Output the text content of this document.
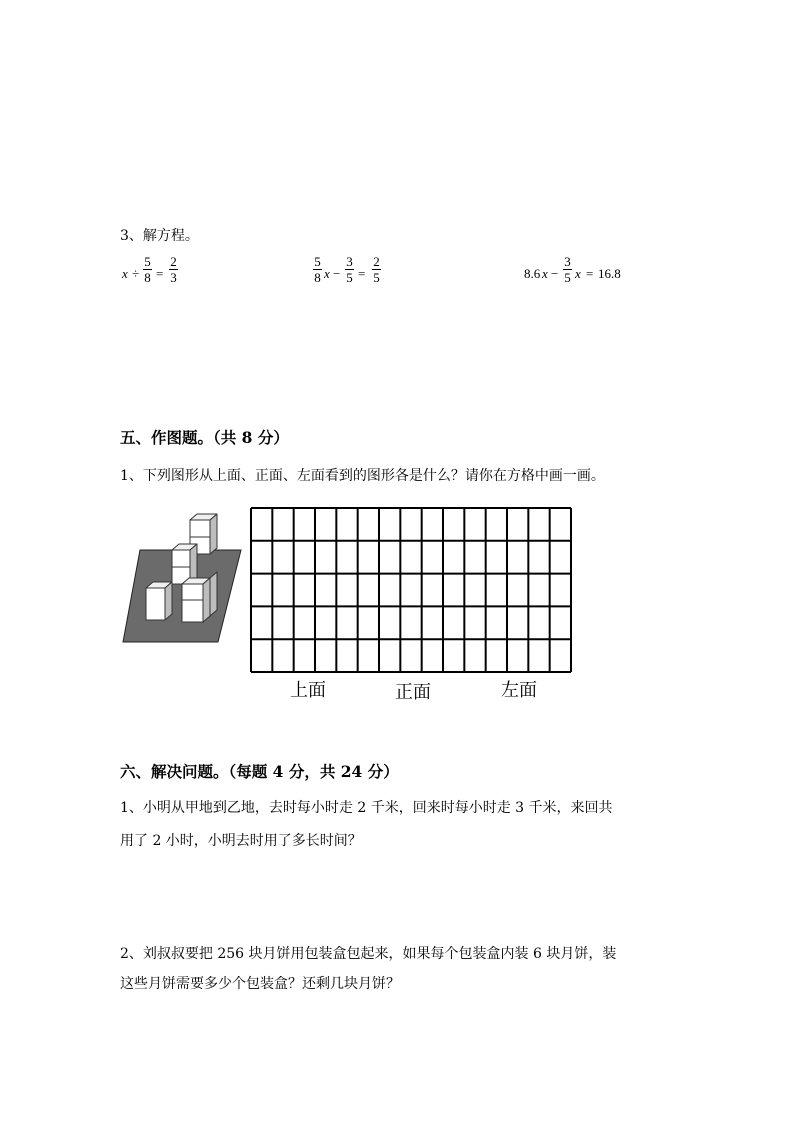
3、解方程。
x ÷
5
8 =
2
3
5
8 x −
3
5 =
2
5	8.6 x −
3
5 x = 16.8
五、作图题。（共 8 分）
1、下列图形从上面、正面、左面看到的图形各是什么？请你在方格中画一画。
上面	正面	左面
六、解决问题。（每题 4 分，共 24 分）
1、小明从甲地到乙地，去时每小时走 2 千米，回来时每小时走 3 千米，来回共
用了 2 小时，小明去时用了多长时间？
2、刘叔叔要把 256 块月饼用包装盒包起来，如果每个包装盒内装 6 块月饼，装
这些月饼需要多少个包装盒？还剩几块月饼？
